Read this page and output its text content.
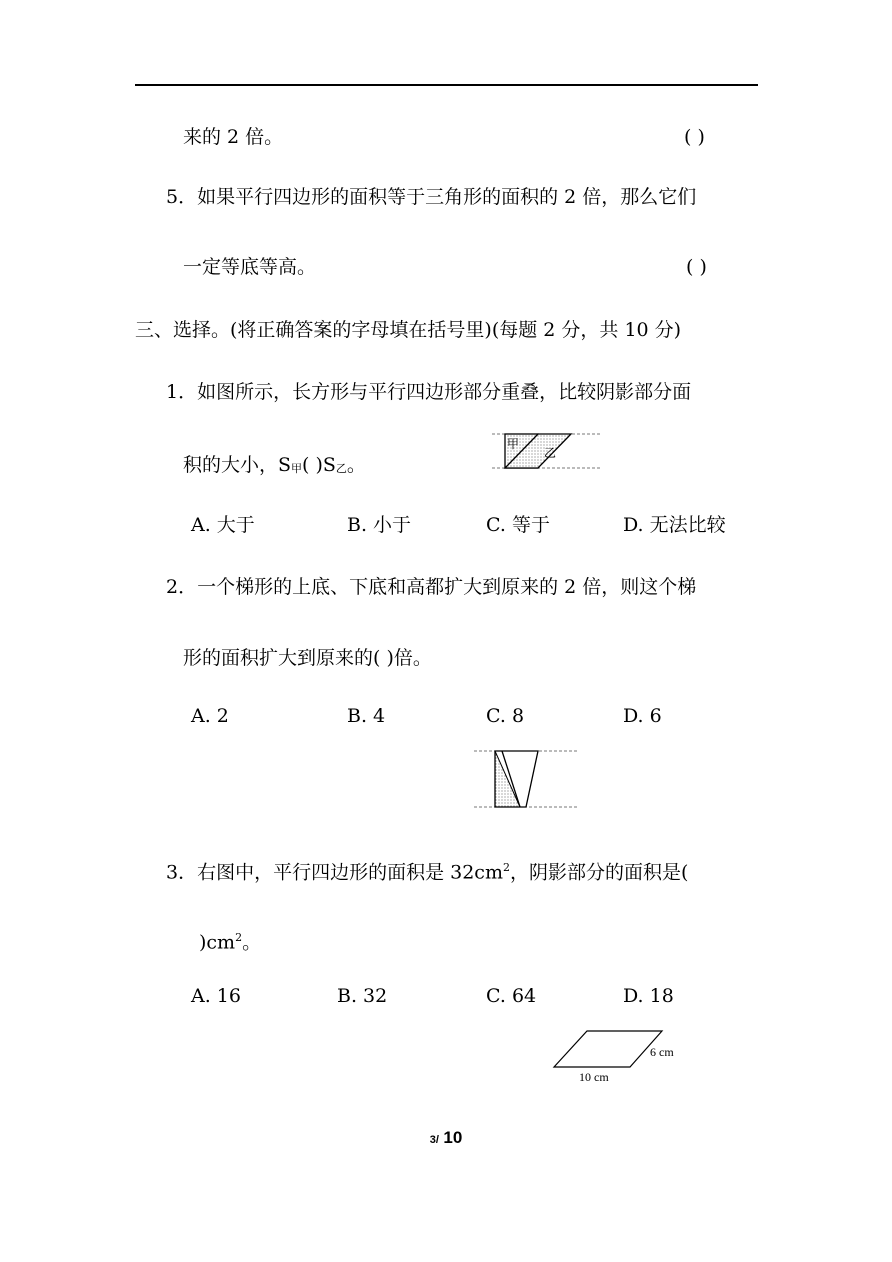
来的 2 倍。	( )
5．如果平行四边形的面积等于三角形的面积的 2 倍，那么它们
一定等底等高。	( )
三、选择。(将正确答案的字母填在括号里)(每题 2 分，共 10 分)
1．如图所示，长方形与平行四边形部分重叠，比较阴影部分面
积的大小，S甲( )S乙。
甲
乙
A. 大于	B. 小于	C. 等于	D. 无法比较
2．一个梯形的上底、下底和高都扩大到原来的 2 倍，则这个梯
形的面积扩大到原来的( )倍。
A. 2	B. 4	C. 8	D. 6
3．右图中，平行四边形的面积是 $32cm^2$，阴影部分的面积是(
)$cm^2$。
A. 16	B. 32	C. 64	D. 18
6 cm
10 cm
3/ 10
